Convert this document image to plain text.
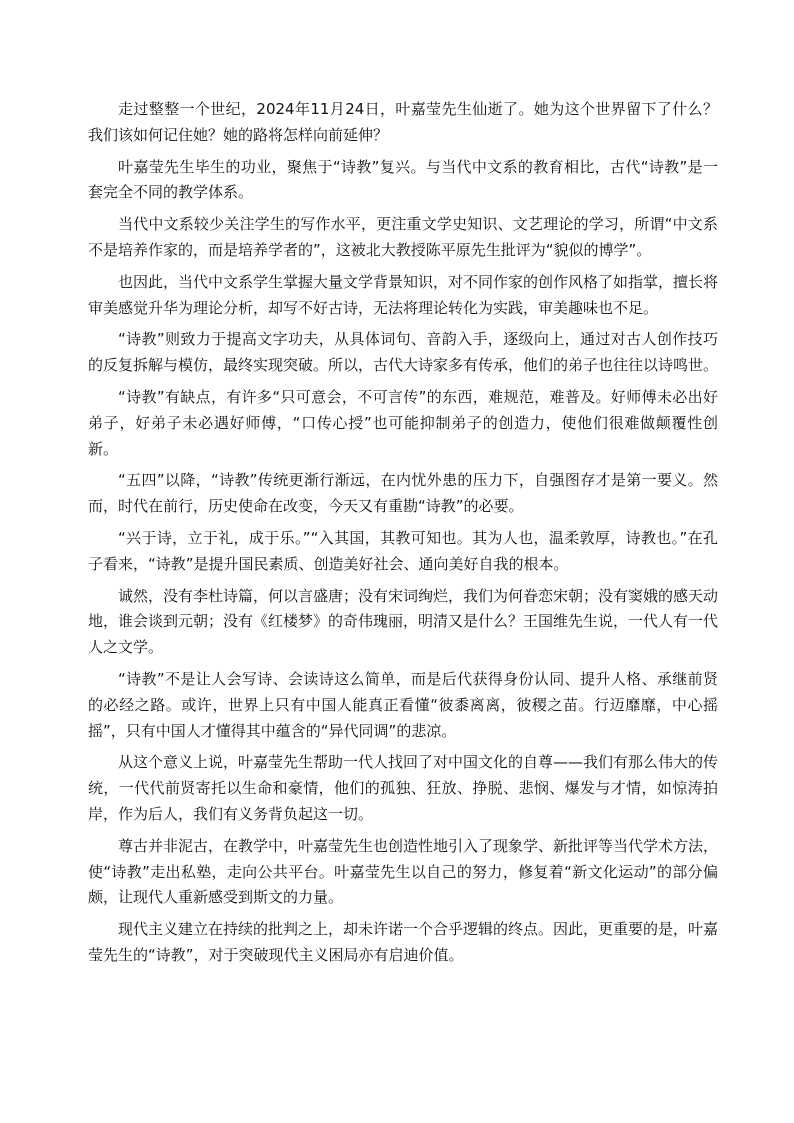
走过整整一个世纪，2024年11月24日，叶嘉莹先生仙逝了。她为这个世界留下了什么？我们该如何记住她？她的路将怎样向前延伸？

叶嘉莹先生毕生的功业，聚焦于“诗教”复兴。与当代中文系的教育相比，古代“诗教”是一套完全不同的教学体系。

当代中文系较少关注学生的写作水平，更注重文学史知识、文艺理论的学习，所谓“中文系不是培养作家的，而是培养学者的”，这被北大教授陈平原先生批评为“貌似的博学”。

也因此，当代中文系学生掌握大量文学背景知识，对不同作家的创作风格了如指掌，擅长将审美感觉升华为理论分析，却写不好古诗，无法将理论转化为实践，审美趣味也不足。

“诗教”则致力于提高文字功夫，从具体词句、音韵入手，逐级向上，通过对古人创作技巧的反复拆解与模仿，最终实现突破。所以，古代大诗家多有传承，他们的弟子也往往以诗鸣世。

“诗教”有缺点，有许多“只可意会，不可言传”的东西，难规范，难普及。好师傅未必出好弟子，好弟子未必遇好师傅，“口传心授”也可能抑制弟子的创造力，使他们很难做颠覆性创新。

“五四”以降，“诗教”传统更渐行渐远，在内忧外患的压力下，自强图存才是第一要义。然而，时代在前行，历史使命在改变，今天又有重勘“诗教”的必要。

“兴于诗，立于礼，成于乐。”“入其国，其教可知也。其为人也，温柔敦厚，诗教也。”在孔子看来，“诗教”是提升国民素质、创造美好社会、通向美好自我的根本。

诚然，没有李杜诗篇，何以言盛唐；没有宋词绚烂，我们为何眷恋宋朝；没有窦娥的感天动地，谁会谈到元朝；没有《红楼梦》的奇伟瑰丽，明清又是什么？王国维先生说，一代人有一代人之文学。

“诗教”不是让人会写诗、会读诗这么简单，而是后代获得身份认同、提升人格、承继前贤的必经之路。或许，世界上只有中国人能真正看懂“彼黍离离，彼稷之苗。行迈靡靡，中心摇摇”，只有中国人才懂得其中蕴含的“异代同调”的悲凉。

从这个意义上说，叶嘉莹先生帮助一代人找回了对中国文化的自尊——我们有那么伟大的传统，一代代前贤寄托以生命和豪情，他们的孤独、狂放、挣脱、悲悯、爆发与才情，如惊涛拍岸，作为后人，我们有义务背负起这一切。

尊古并非泥古，在教学中，叶嘉莹先生也创造性地引入了现象学、新批评等当代学术方法，使“诗教”走出私塾，走向公共平台。叶嘉莹先生以自己的努力，修复着“新文化运动”的部分偏颇，让现代人重新感受到斯文的力量。

现代主义建立在持续的批判之上，却未许诺一个合乎逻辑的终点。因此，更重要的是，叶嘉莹先生的“诗教”，对于突破现代主义困局亦有启迪价值。
